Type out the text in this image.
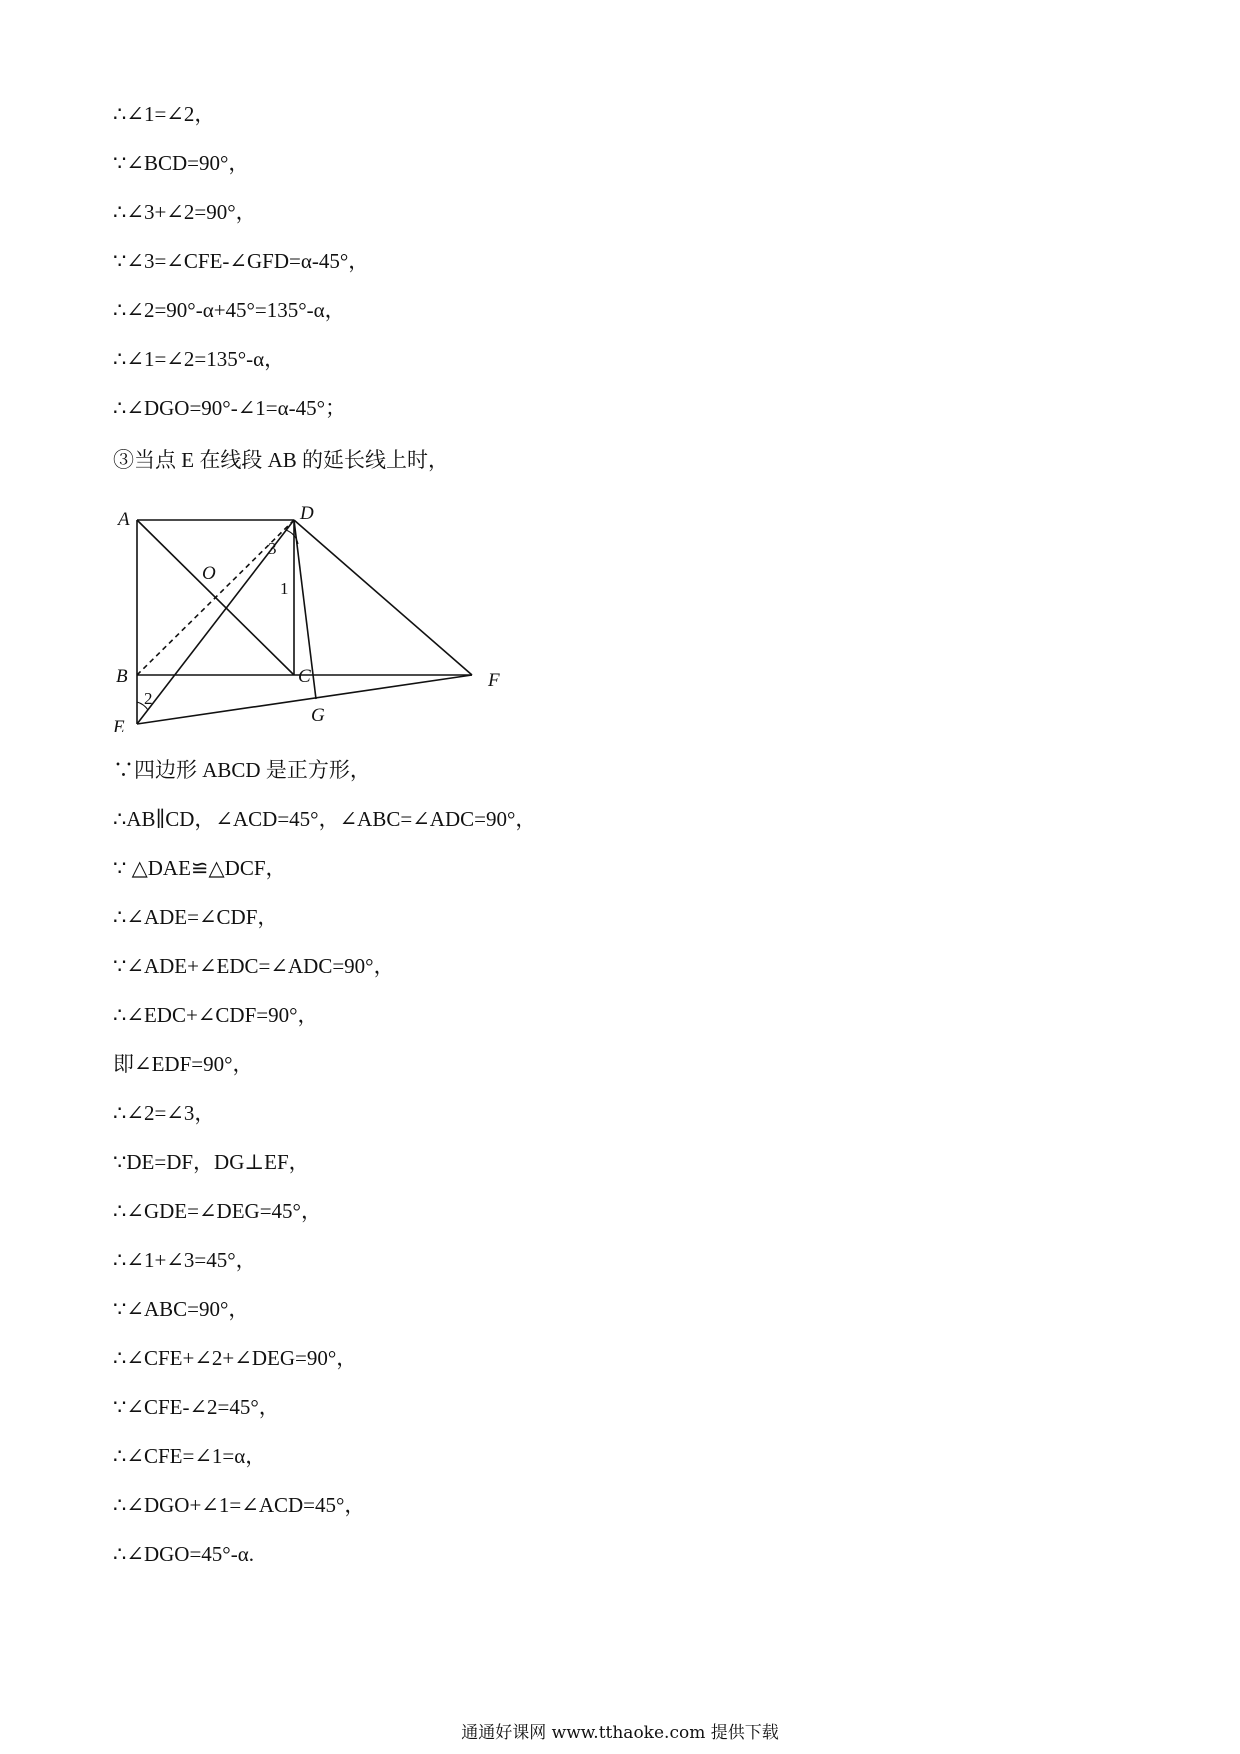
∴∠1=∠2，
∵∠BCD=90°，
∴∠3+∠2=90°，
∵∠3=∠CFE-∠GFD=α-45°，
∴∠2=90°-α+45°=135°-α，
∴∠1=∠2=135°-α，
∴∠DGO=90°-∠1=α-45°；
③当点 E 在线段 AB 的延长线上时，
A	D
O
B	C	F
E
G
1
2
3
∵四边形 ABCD 是正方形，
∴AB∥CD，∠ACD=45°，∠ABC=∠ADC=90°，
∵ △DAE≌△DCF，
∴∠ADE=∠CDF，
∵∠ADE+∠EDC=∠ADC=90°，
∴∠EDC+∠CDF=90°，
即∠EDF=90°，
∴∠2=∠3，
∵DE=DF，DG⊥EF，
∴∠GDE=∠DEG=45°，
∴∠1+∠3=45°，
∵∠ABC=90°，
∴∠CFE+∠2+∠DEG=90°，
∵∠CFE-∠2=45°，
∴∠CFE=∠1=α，
∴∠DGO+∠1=∠ACD=45°，
∴∠DGO=45°-α.
通通好课网 www.tthaoke.com 提供下载
